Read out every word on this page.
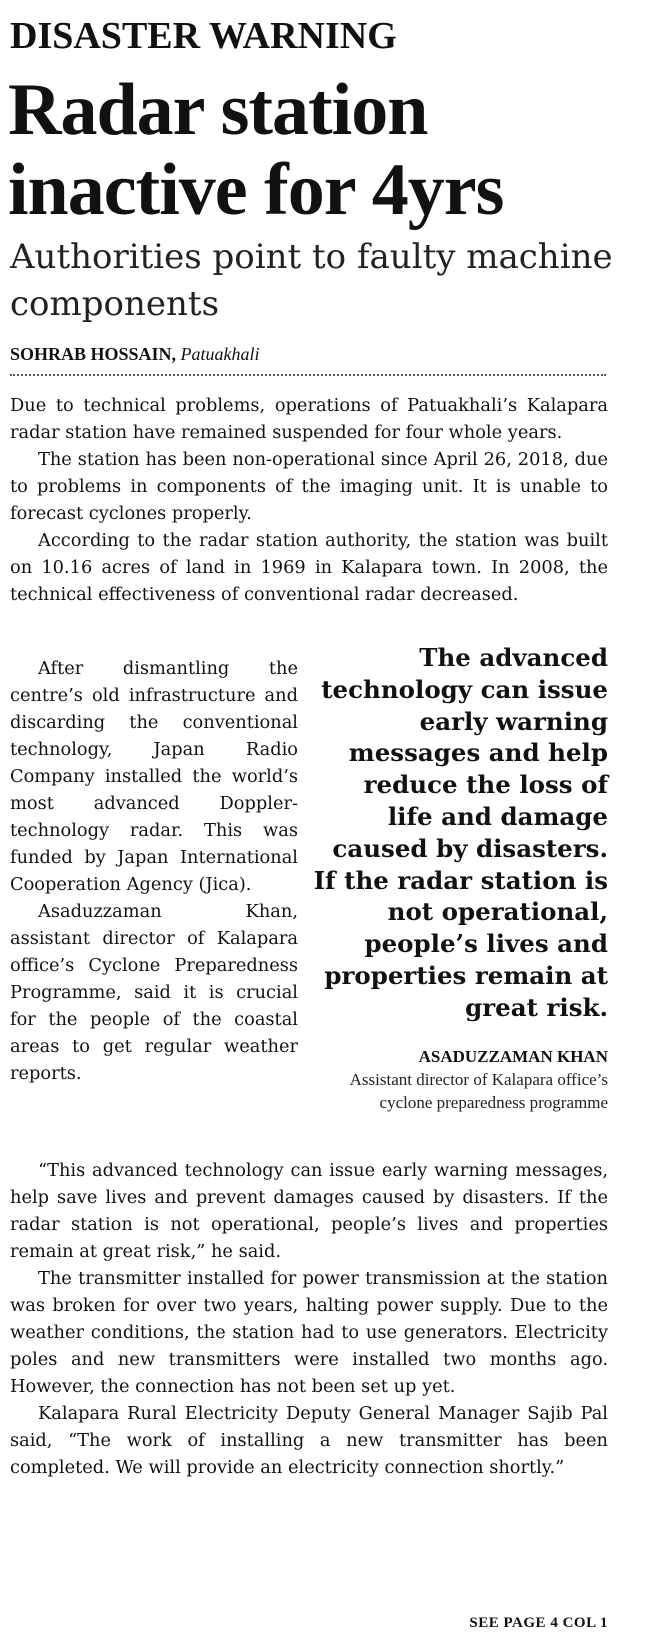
DISASTER WARNING
Radar station inactive for 4yrs
Authorities point to faulty machine components
SOHRAB HOSSAIN, Patuakhali

Due to technical problems, operations of Patuakhali’s Kalapara radar station have remained suspended for four whole years.

The station has been non-operational since April 26, 2018, due to problems in components of the imaging unit. It is unable to forecast cyclones properly.

According to the radar station authority, the station was built on 10.16 acres of land in 1969 in Kalapara town. In 2008, the technical effectiveness of conventional radar decreased.

After dismantling the centre’s old infrastructure and discarding the conventional technology, Japan Radio Company installed the world’s most advanced Doppler-technology radar. This was funded by Japan International Cooperation Agency (Jica).

Asaduzzaman Khan, assistant director of Kalapara office’s Cyclone Preparedness Programme, said it is crucial for the people of the coastal areas to get regular weather reports.

The advanced technology can issue early warning messages and help reduce the loss of life and damage caused by disasters. If the radar station is not operational, people’s lives and properties remain at great risk.

ASADUZZAMAN KHAN
Assistant director of Kalapara office’s cyclone preparedness programme

“This advanced technology can issue early warning messages, help save lives and prevent damages caused by disasters. If the radar station is not operational, people’s lives and properties remain at great risk,” he said.

The transmitter installed for power transmission at the station was broken for over two years, halting power supply. Due to the weather conditions, the station had to use generators. Electricity poles and new transmitters were installed two months ago. However, the connection has not been set up yet.

Kalapara Rural Electricity Deputy General Manager Sajib Pal said, “The work of installing a new transmitter has been completed. We will provide an electricity connection shortly.”

SEE PAGE 4 COL 1
